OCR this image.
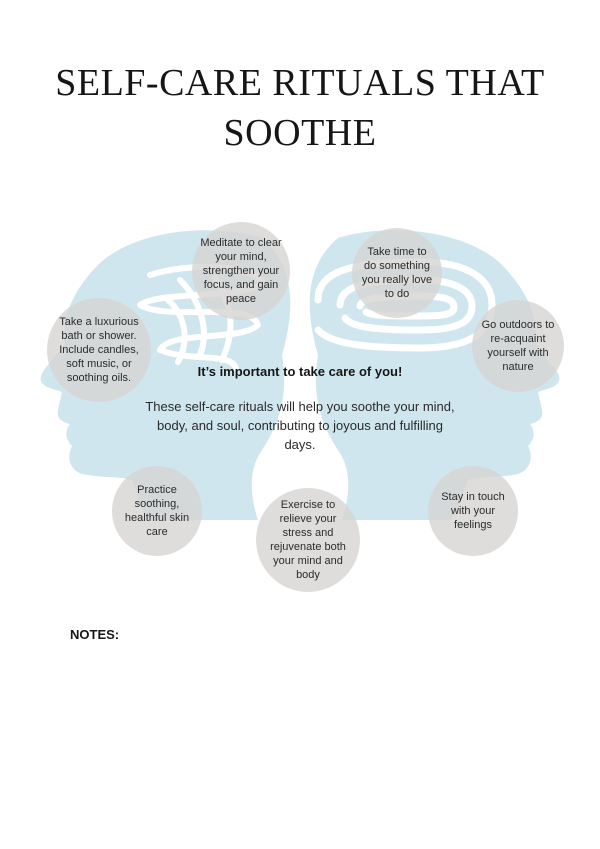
SELF-CARE RITUALS THAT SOOTHE
Meditate to clear your mind, strengthen your focus, and gain peace
Take time to do something you really love to do
Take a luxurious bath or shower. Include candles, soft music, or soothing oils.
Go outdoors to re-acquaint yourself with nature
Practice soothing, healthful skin care
Exercise to relieve your stress and rejuvenate both your mind and body
Stay in touch with your feelings
It’s important to take care of you!
These self-care rituals will help you soothe your mind, body, and soul, contributing to joyous and fulfilling days.
NOTES:
